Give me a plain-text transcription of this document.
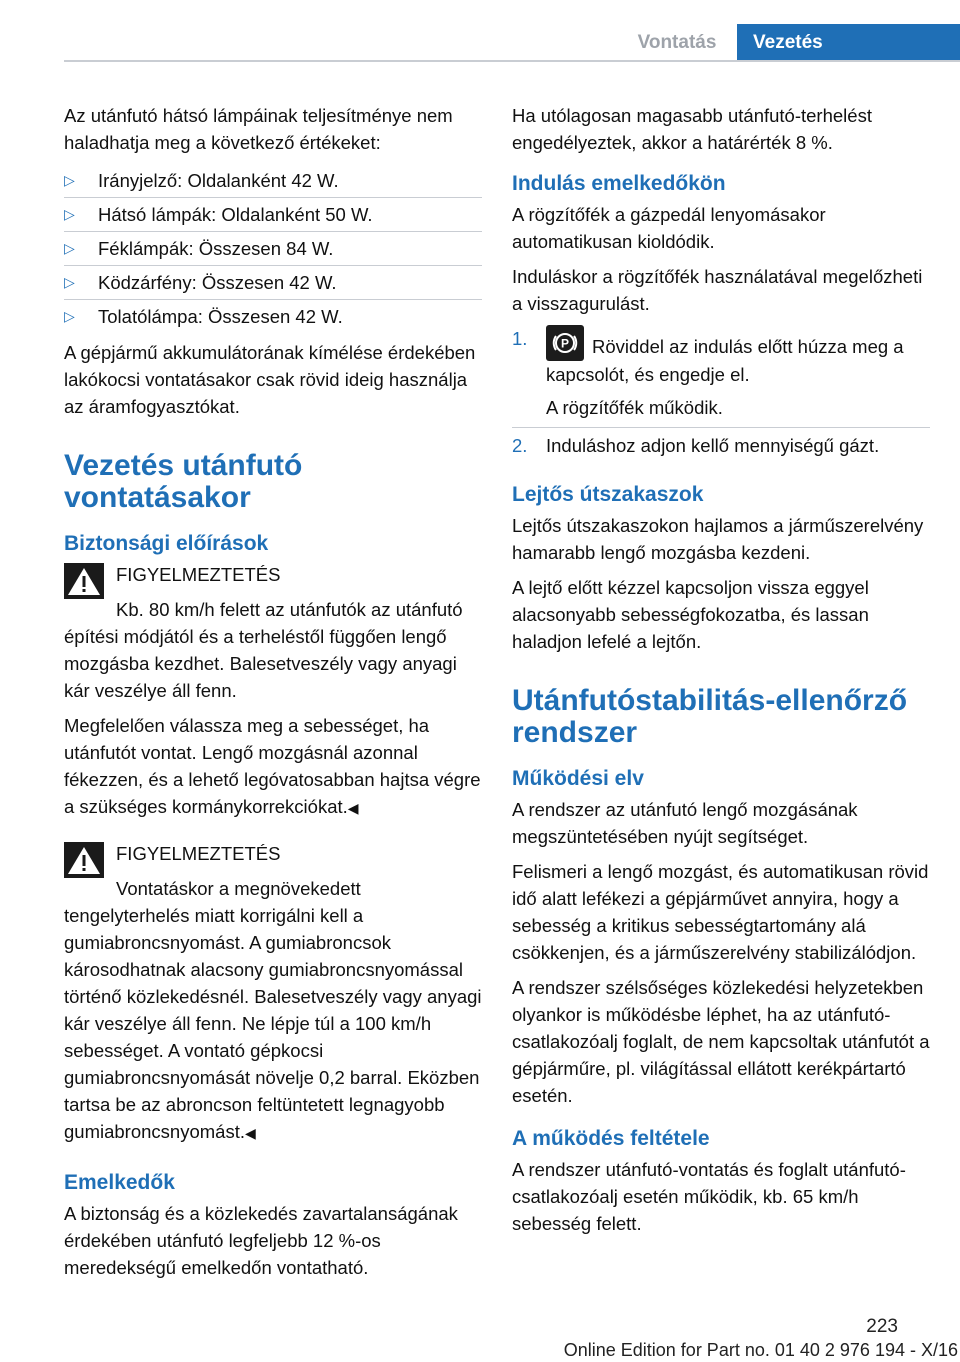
Vontatás	Vezetés

Az utánfutó hátsó lámpáinak teljesítménye nem haladhatja meg a következő értékeket:

▷ Irányjelző: Oldalanként 42 W.
▷ Hátsó lámpák: Oldalanként 50 W.
▷ Féklámpák: Összesen 84 W.
▷ Ködzárfény: Összesen 42 W.
▷ Tolatólámpa: Összesen 42 W.

A gépjármű akkumulátorának kímélése érdekében lakókocsi vontatásakor csak rövid ideig használja az áramfogyasztókat.

Vezetés utánfutó vontatásakor
Biztonsági előírások

FIGYELMEZTETÉS

Kb. 80 km/h felett az utánfutók az utánfutó építési módjától és a terheléstől függően lengő mozgásba kezdhet. Balesetveszély vagy anyagi kár veszélye áll fenn.

Megfelelően válassza meg a sebességet, ha utánfutót vontat. Lengő mozgásnál azonnal fékezzen, és a lehető legóvatosabban hajtsa végre a szükséges kormánykorrekciókat.◀

FIGYELMEZTETÉS

Vontatáskor a megnövekedett tengelyterhelés miatt korrigálni kell a gumiabroncsnyomást. A gumiabroncsok károsodhatnak alacsony gumiabroncsnyomással történő közlekedésnél. Balesetveszély vagy anyagi kár veszélye áll fenn. Ne lépje túl a 100 km/h sebességet. A vontató gépkocsi gumiabroncsnyomását növelje 0,2 barral. Eközben tartsa be az abroncson feltüntetett legnagyobb gumiabroncsnyomást.◀

Emelkedők

A biztonság és a közlekedés zavartalanságának érdekében utánfutó legfeljebb 12 %-os meredekségű emelkedőn vontatható.

Ha utólagosan magasabb utánfutó-terhelést engedélyeztek, akkor a határérték 8 %.

Indulás emelkedőkön

A rögzítőfék a gázpedál lenyomásakor automatikusan kioldódik.

Induláskor a rögzítőfék használatával megelőzheti a visszagurulást.

1.	P Röviddel az indulás előtt húzza meg a kapcsolót, és engedje el.
A rögzítőfék működik.
2. Induláshoz adjon kellő mennyiségű gázt.
Lejtős útszakaszok

Lejtős útszakaszokon hajlamos a járműszerelvény hamarabb lengő mozgásba kezdeni.

A lejtő előtt kézzel kapcsoljon vissza eggyel alacsonyabb sebességfokozatba, és lassan haladjon lefelé a lejtőn.

Utánfutóstabilitás-ellenőrző rendszer
Működési elv

A rendszer az utánfutó lengő mozgásának megszüntetésében nyújt segítséget.

Felismeri a lengő mozgást, és automatikusan rövid idő alatt lefékezi a gépjárművet annyira, hogy a sebesség a kritikus sebességtartomány alá csökkenjen, és a járműszerelvény stabilizálódjon.

A rendszer szélsőséges közlekedési helyzetekben olyankor is működésbe léphet, ha az utánfutó-csatlakozóalj foglalt, de nem kapcsoltak utánfutót a gépjárműre, pl. világítással ellátott kerékpártartó esetén.

A működés feltétele

A rendszer utánfutó-vontatás és foglalt utánfutó-csatlakozóalj esetén működik, kb. 65 km/h sebesség felett.

223
Online Edition for Part no. 01 40 2 976 194 - X/16
